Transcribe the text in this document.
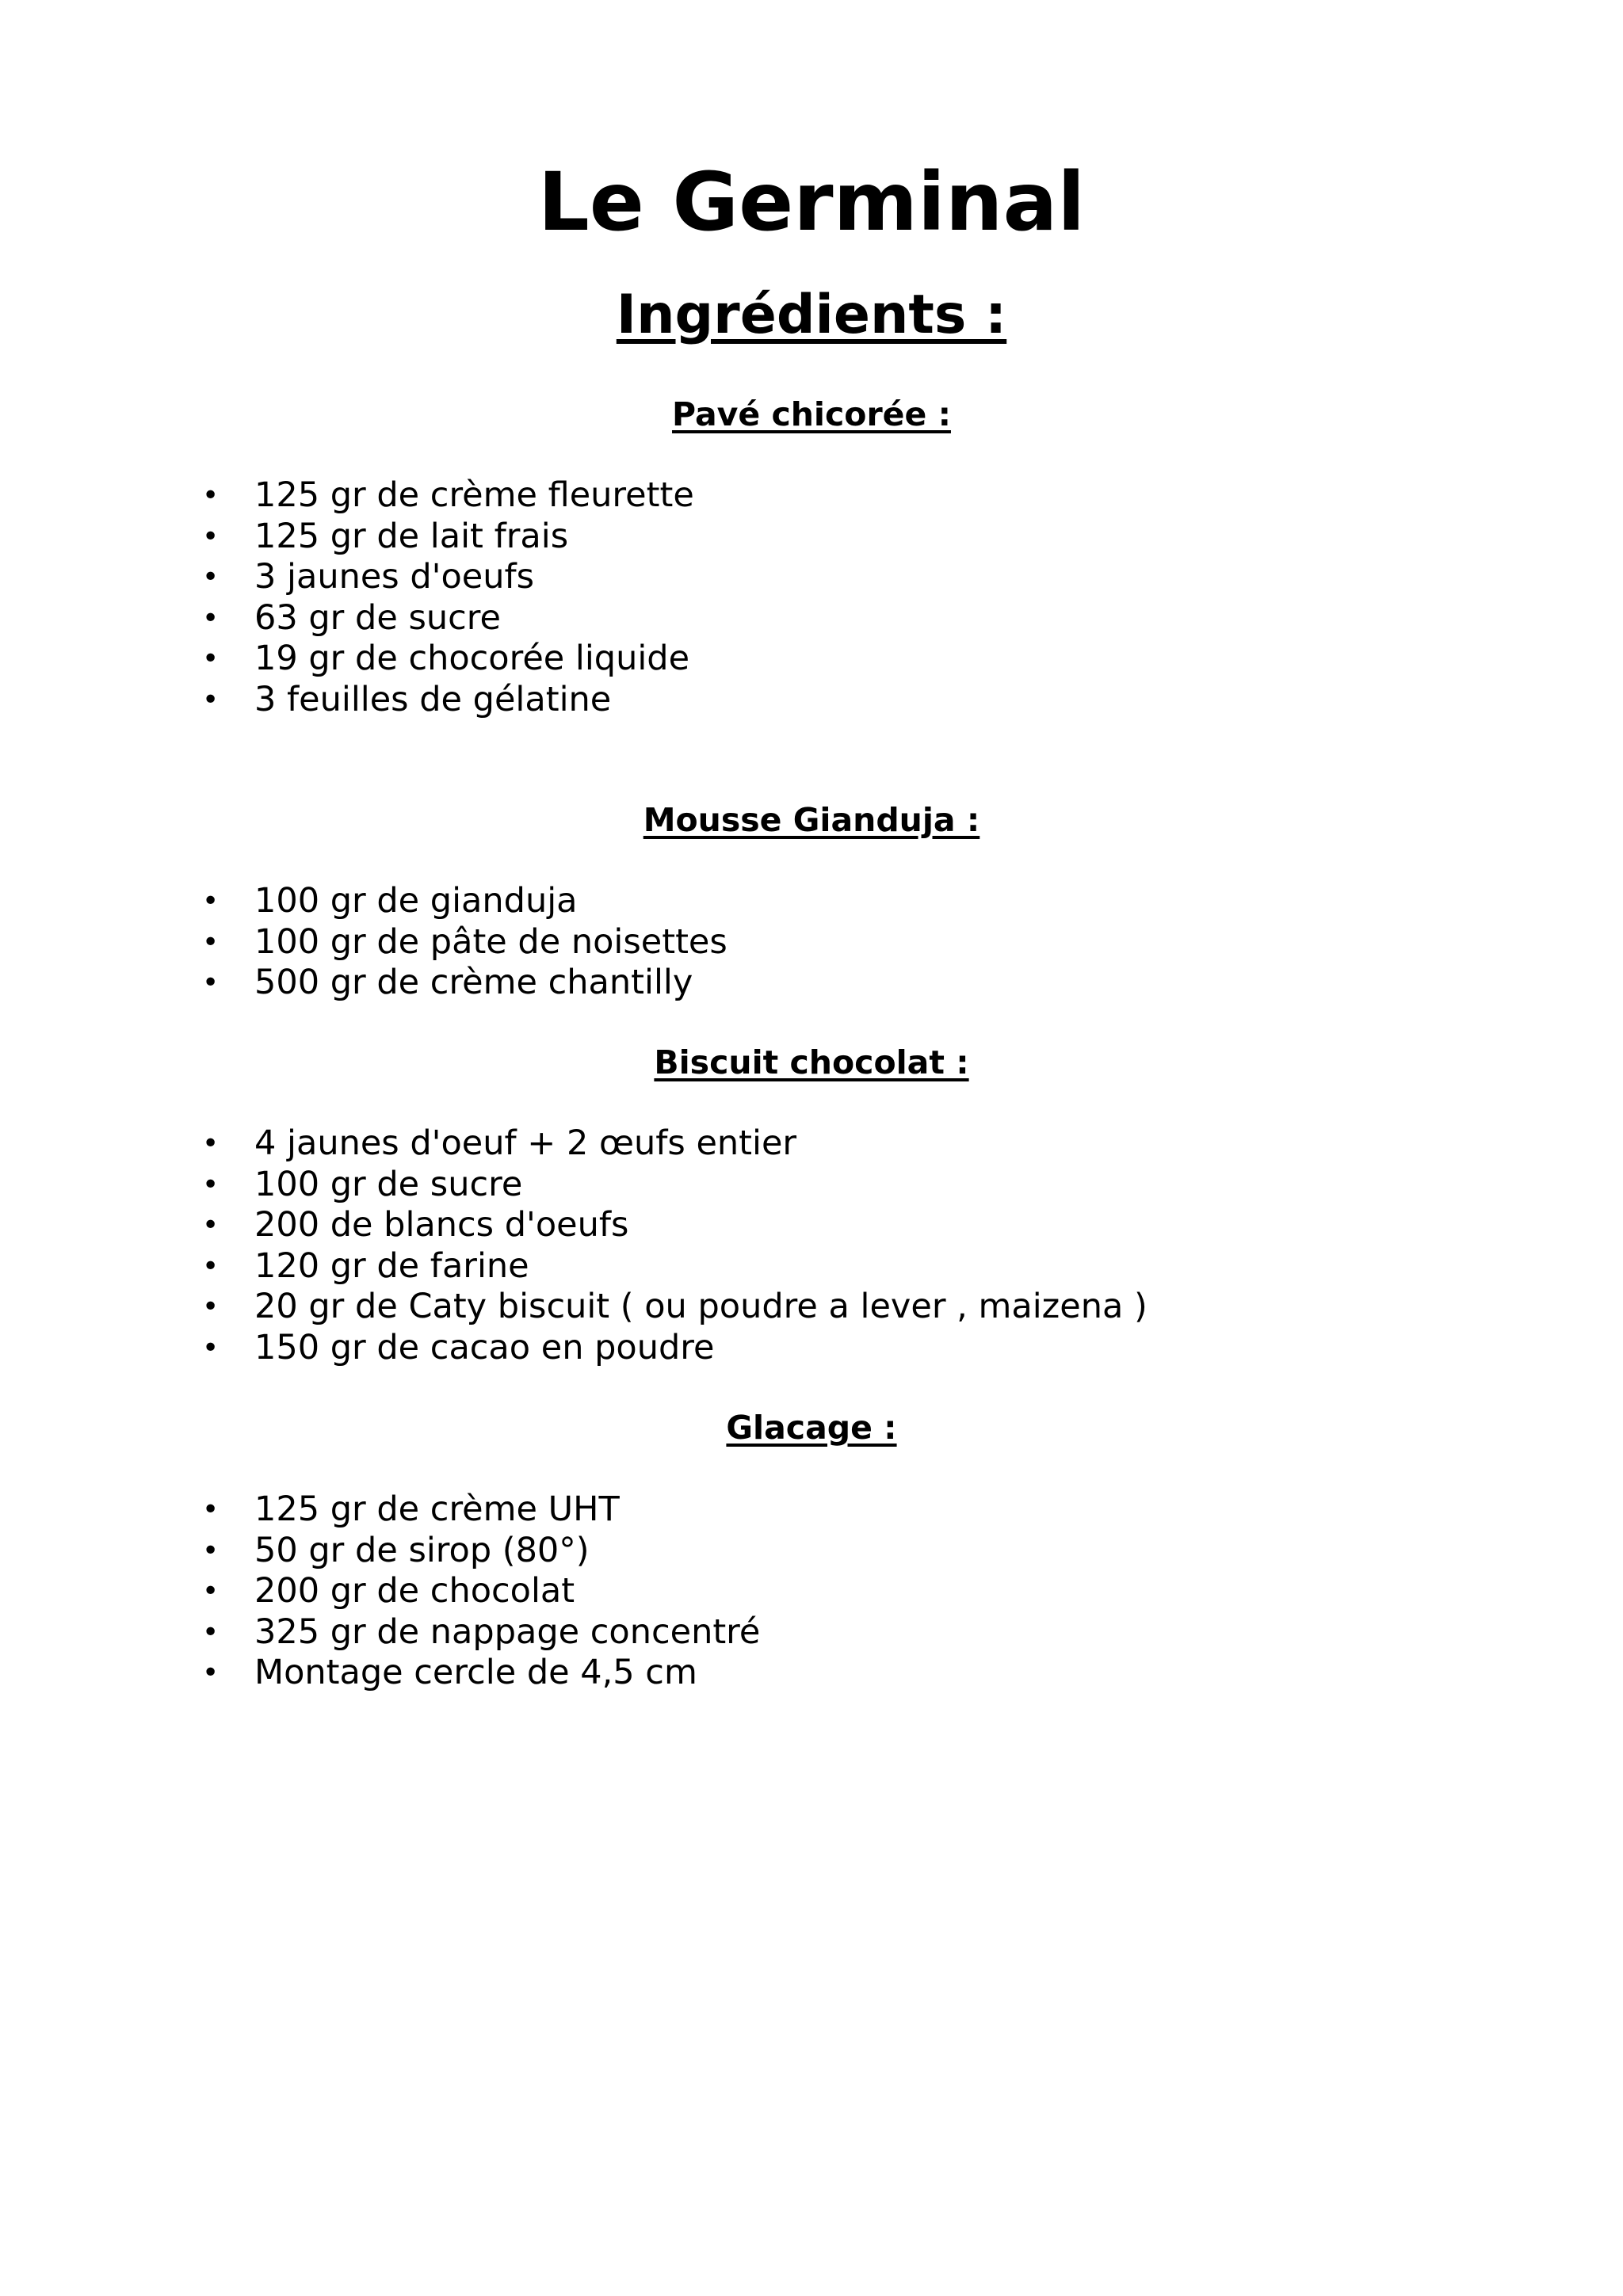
Le Germinal
Ingrédients :
Pavé chicorée :
• 125 gr de crème fleurette
• 125 gr de lait frais
• 3 jaunes d'oeufs
• 63 gr de sucre
• 19 gr de chocorée liquide
• 3 feuilles de gélatine
Mousse Gianduja :
• 100 gr de gianduja
• 100 gr de pâte de noisettes
• 500 gr de crème chantilly
Biscuit chocolat :
• 4 jaunes d'oeuf + 2 œufs entier
• 100 gr de sucre
• 200 de blancs d'oeufs
• 120 gr de farine
• 20 gr de Caty biscuit ( ou poudre a lever , maizena )
• 150 gr de cacao en poudre
Glacage :
• 125 gr de crème UHT
• 50 gr de sirop (80°)
• 200 gr de chocolat
• 325 gr de nappage concentré
• Montage cercle de 4,5 cm
